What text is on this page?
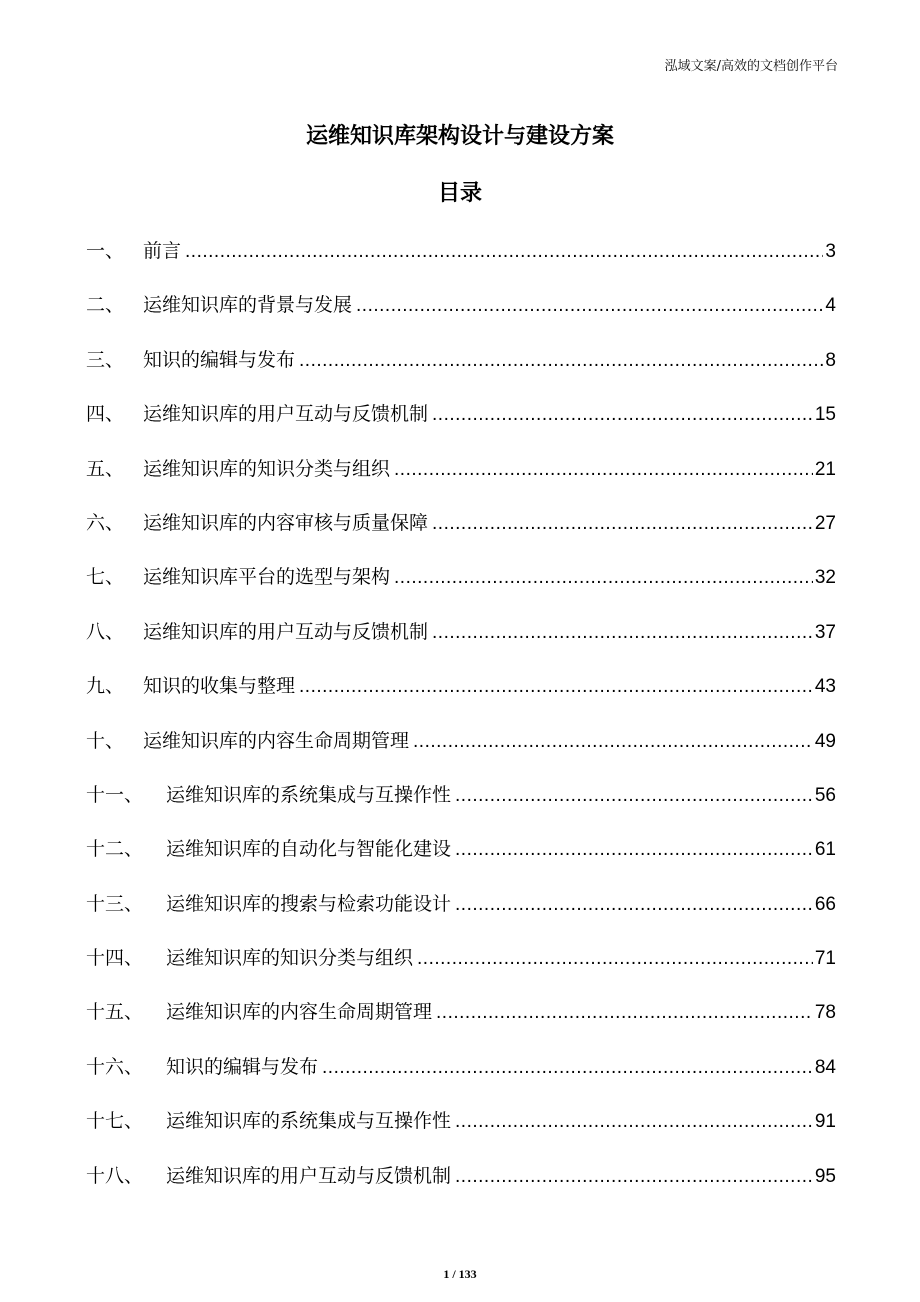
泓域文案/高效的文档创作平台
运维知识库架构设计与建设方案
目录
一、 前言 .....	3
二、 运维知识库的背景与发展 .....	4
三、 知识的编辑与发布 .....	8
四、 运维知识库的用户互动与反馈机制 .....	15
五、 运维知识库的知识分类与组织 .....	21
六、 运维知识库的内容审核与质量保障 .....	27
七、 运维知识库平台的选型与架构 .....	32
八、 运维知识库的用户互动与反馈机制 .....	37
九、 知识的收集与整理 .....	43
十、 运维知识库的内容生命周期管理 .....	49
十一、	运维知识库的系统集成与互操作性 .....	56
十二、	运维知识库的自动化与智能化建设 .....	61
十三、	运维知识库的搜索与检索功能设计 .....	66
十四、	运维知识库的知识分类与组织 .....	71
十五、	运维知识库的内容生命周期管理 .....	78
十六、	知识的编辑与发布 .....	84
十七、	运维知识库的系统集成与互操作性 .....	91
十八、	运维知识库的用户互动与反馈机制 .....	95
1 / 133
